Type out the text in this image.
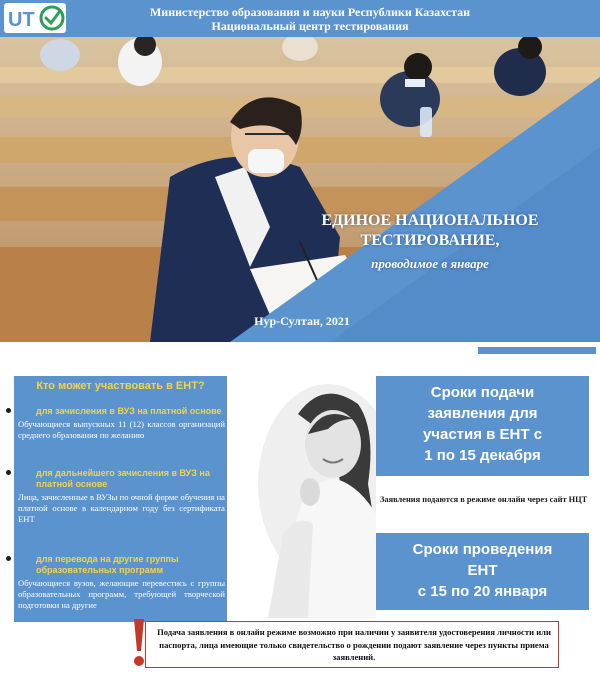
UT	Министерство образования и науки Республики Казахстан
Национальный центр тестирования
ЕДИНОЕ НАЦИОНАЛЬНОЕ
ТЕСТИРОВАНИЕ,
проводимое в январе
Нур-Султан, 2021
Кто может участвовать в ЕНТ?
для зачисления в ВУЗ на платной основе
Обучающиеся выпускных 11 (12) классов организаций среднего образования по желанию
для дальнейшего зачисления в ВУЗ на платной основе
Лица, зачисленные в ВУЗы по очной форме обучения на платной основе в календарном году без сертификата ЕНТ
для перевода на другие группы образовательных программ
Обучающиеся вузов, желающие перевестись с группы образовательных программ, требующей творческой подготовки на другие
Сроки подачи
заявления для
участия в ЕНТ с
1 по 15 декабря
Заявления подаются в режиме онлайн через сайт НЦТ
Сроки проведения
ЕНТ
с 15 по 20 января
Подача заявления в онлайн режиме возможно при наличии у заявителя удостоверения личности или паспорта, лица имеющие только свидетельство о рождении подают заявление через пункты приема заявлений.
